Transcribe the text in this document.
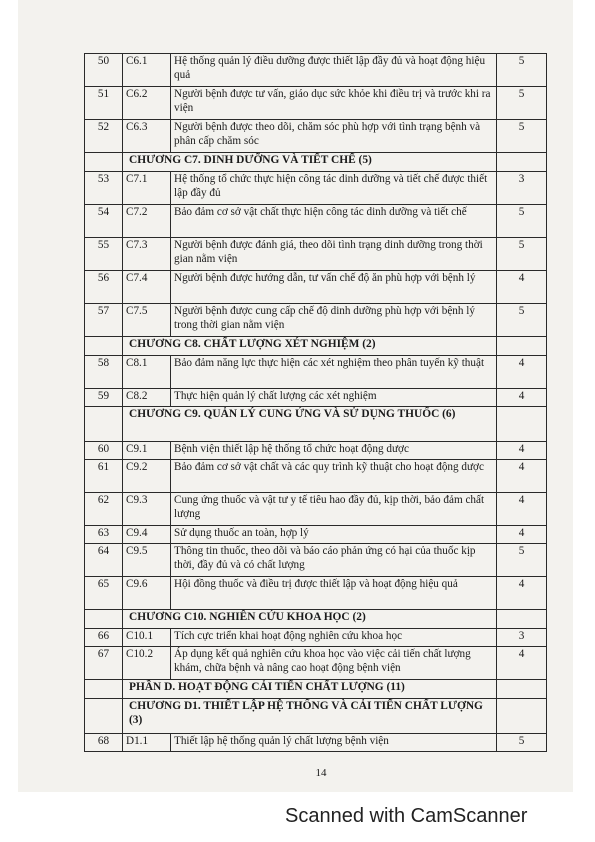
50	C6.1	Hệ thống quản lý điều dưỡng được thiết lập đầy đủ và hoạt động hiệu quả	5
51	C6.2	Người bệnh được tư vấn, giáo dục sức khỏe khi điều trị và trước khi ra viện	5
52	C6.3	Người bệnh được theo dõi, chăm sóc phù hợp với tình trạng bệnh và phân cấp chăm sóc	5
	CHƯƠNG C7. DINH DƯỠNG VÀ TIẾT CHẾ (5)		
53	C7.1	Hệ thống tổ chức thực hiện công tác dinh dưỡng và tiết chế được thiết lập đầy đủ	3
54	C7.2	Bảo đảm cơ sở vật chất thực hiện công tác dinh dưỡng và tiết chế	5
55	C7.3	Người bệnh được đánh giá, theo dõi tình trạng dinh dưỡng trong thời gian nằm viện	5
56	C7.4	Người bệnh được hướng dẫn, tư vấn chế độ ăn phù hợp với bệnh lý	4
57	C7.5	Người bệnh được cung cấp chế độ dinh dưỡng phù hợp với bệnh lý trong thời gian nằm viện	5
	CHƯƠNG C8. CHẤT LƯỢNG XÉT NGHIỆM (2)		
58	C8.1	Bảo đảm năng lực thực hiện các xét nghiệm theo phân tuyến kỹ thuật	4
59	C8.2	Thực hiện quản lý chất lượng các xét nghiệm	4
	CHƯƠNG C9. QUẢN LÝ CUNG ỨNG VÀ SỬ DỤNG THUỐC (6)		
60	C9.1	Bệnh viện thiết lập hệ thống tổ chức hoạt động dược	4
61	C9.2	Bảo đảm cơ sở vật chất và các quy trình kỹ thuật cho hoạt động dược	4
62	C9.3	Cung ứng thuốc và vật tư y tế tiêu hao đầy đủ, kịp thời, bảo đảm chất lượng	4
63	C9.4	Sử dụng thuốc an toàn, hợp lý	4
64	C9.5	Thông tin thuốc, theo dõi và báo cáo phản ứng có hại của thuốc kịp thời, đầy đủ và có chất lượng	5
65	C9.6	Hội đồng thuốc và điều trị được thiết lập và hoạt động hiệu quả	4
	CHƯƠNG C10. NGHIÊN CỨU KHOA HỌC (2)		
66	C10.1	Tích cực triển khai hoạt động nghiên cứu khoa học	3
67	C10.2	Áp dụng kết quả nghiên cứu khoa học vào việc cải tiến chất lượng khám, chữa bệnh và nâng cao hoạt động bệnh viện	4
	PHẦN D. HOẠT ĐỘNG CẢI TIẾN CHẤT LƯỢNG (11)		
	CHƯƠNG D1. THIẾT LẬP HỆ THỐNG VÀ CẢI TIẾN CHẤT LƯỢNG (3)		
68	D1.1	Thiết lập hệ thống quản lý chất lượng bệnh viện	5
14
Scanned with CamScanner
